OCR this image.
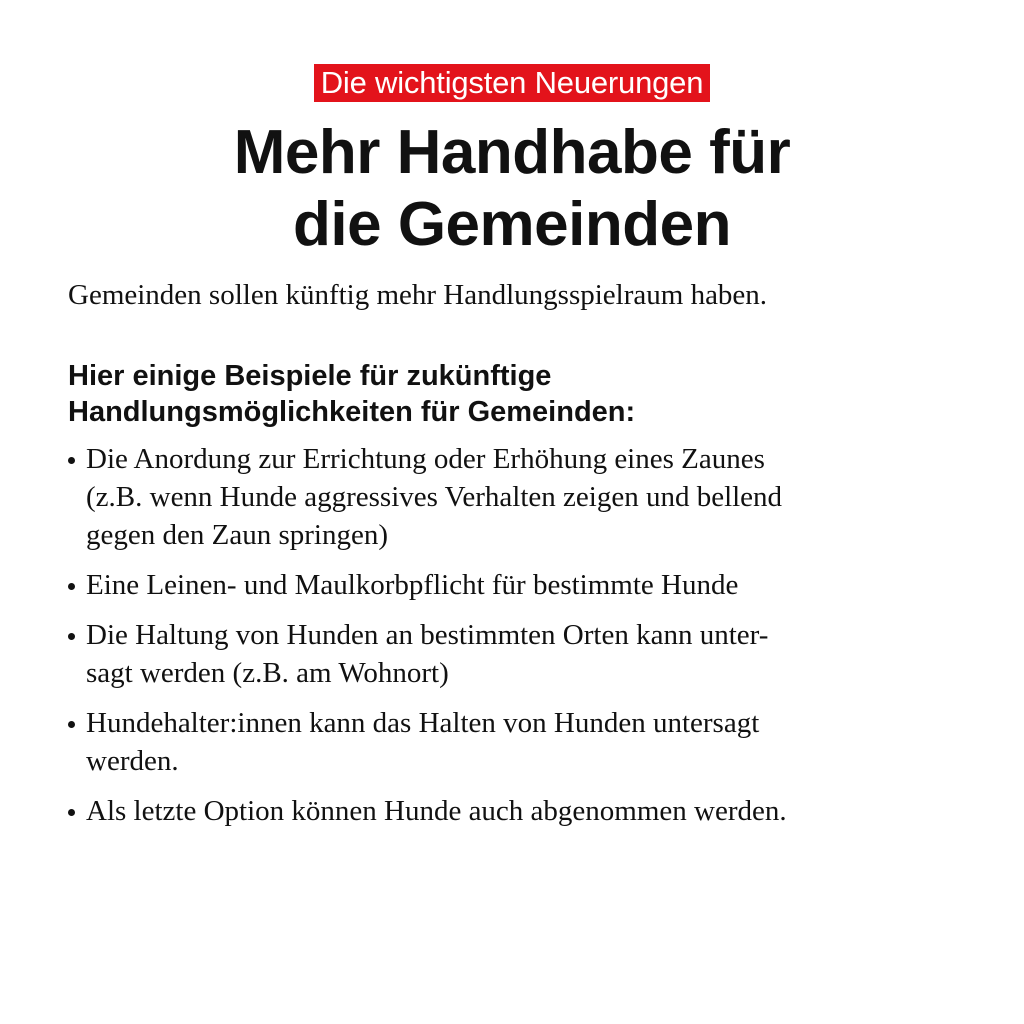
Die wichtigsten Neuerungen
Mehr Handhabe für
die Gemeinden

Gemeinden sollen künftig mehr Handlungsspielraum haben.

Hier einige Beispiele für zukünftige
Handlungsmöglichkeiten für Gemeinden:
Die Anordung zur Errichtung oder Erhöhung eines Zaunes
(z.B. wenn Hunde aggressives Verhalten zeigen und bellend
gegen den Zaun springen)
Eine Leinen- und Maulkorbpflicht für bestimmte Hunde
Die Haltung von Hunden an bestimmten Orten kann unter-
sagt werden (z.B. am Wohnort)
Hundehalter:innen kann das Halten von Hunden untersagt
werden.
Als letzte Option können Hunde auch abgenommen werden.
